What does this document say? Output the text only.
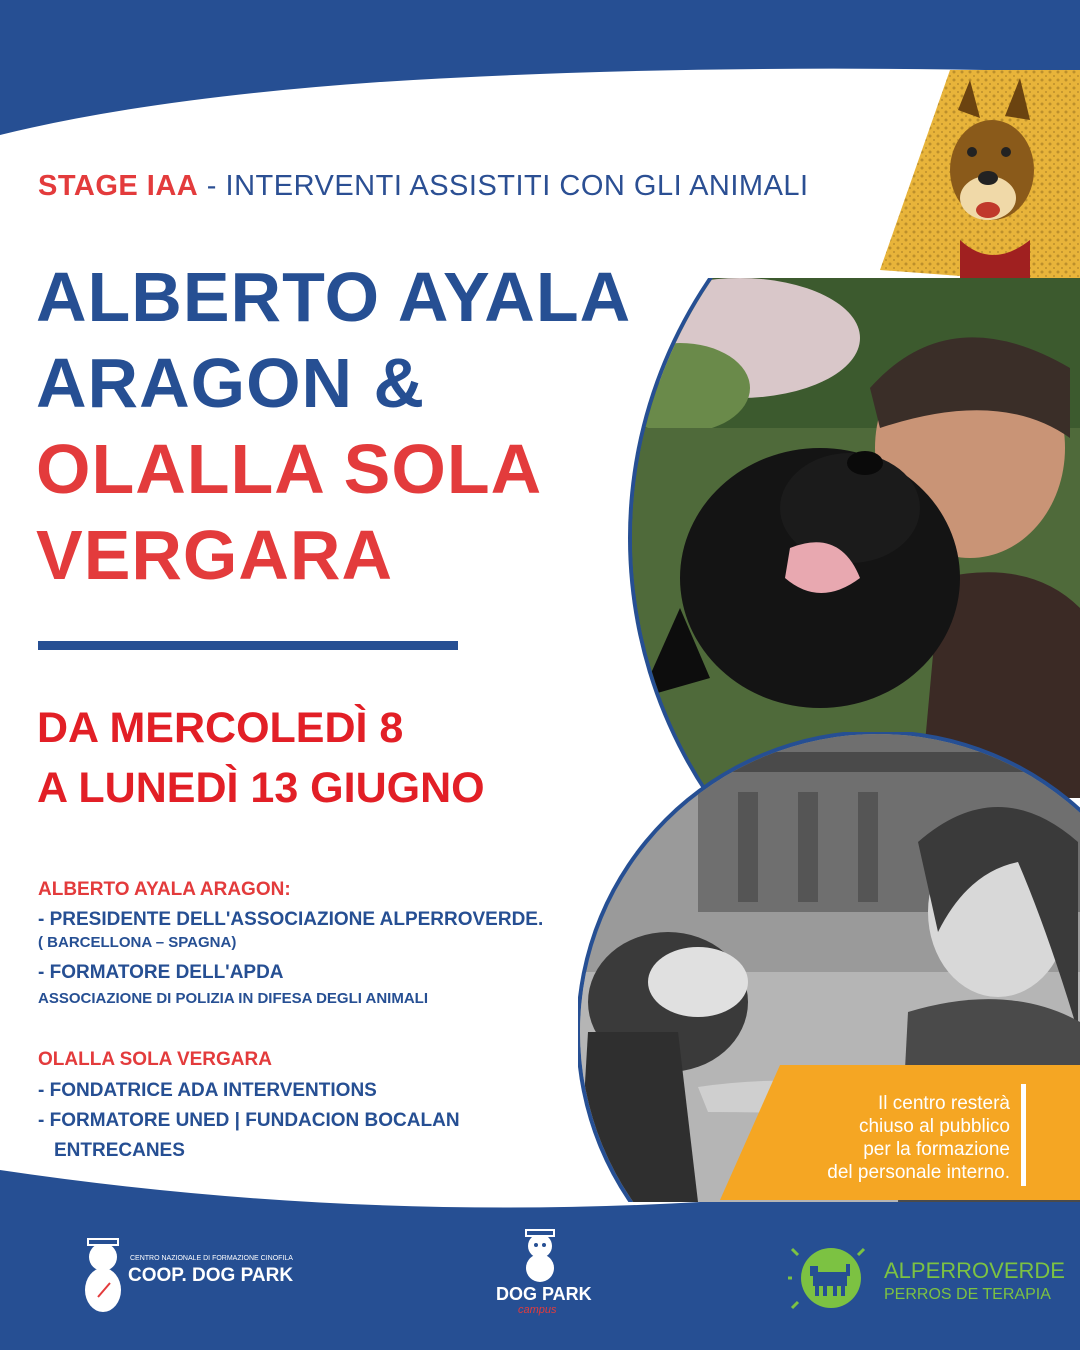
Il centro resterà
chiuso al pubblico
per la formazione
del personale interno.
STAGE IAA - INTERVENTI ASSISTITI CON GLI ANIMALI
ALBERTO AYALA
ARAGON &
OLALLA SOLA
VERGARA
DA MERCOLEDÌ 8
A LUNEDÌ 13 GIUGNO
ALBERTO AYALA ARAGON:
- PRESIDENTE DELL'ASSOCIAZIONE ALPERROVERDE.
( BARCELLONA – SPAGNA)
- FORMATORE DELL'APDA
ASSOCIAZIONE DI POLIZIA IN DIFESA DEGLI ANIMALI
OLALLA SOLA VERGARA
- FONDATRICE ADA INTERVENTIONS
- FORMATORE UNED | FUNDACION BOCALAN
ENTRECANES
CENTRO NAZIONALE DI FORMAZIONE CINOFILA
COOP. DOG PARK
DOG PARK
campus
ALPERROVERDE
PERROS DE TERAPIA
